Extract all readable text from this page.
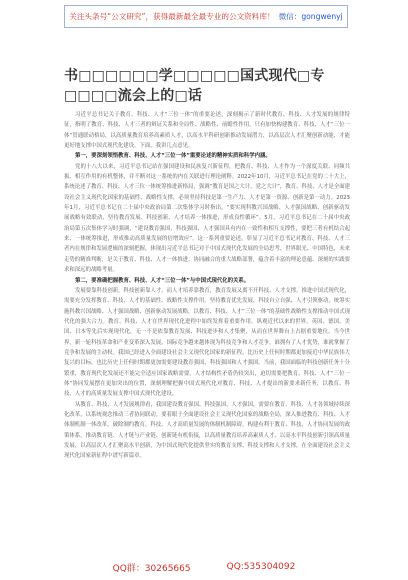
关注头条号“公文研究”，获得最新最全最专业的公文资料库！ 微信：gongwenyj
书□□□□□□学□□□□□国式现代□专□□□□流会上的□话

习近平总书记关于教育、科技、人才“三位一体”的重要论述，深刻揭示了新时代教育、科技、人才发展的规律特征，指明了教育、科技、人才三者的辩证关系和全局性、战略性、前瞻性作用，只有加快构建教育、科技、人才“三位一体”贯通联动格局，以高质量教育培养高素质人才，以高水平科研创新推动发展潜力，以高层次人才汇聚创新动能，才能更好地支撑中国式现代化建设。下面，我讲几点意见。

第一，要深刻领悟教育、科技、人才“三位一体”重要论述的精神实质和科学内涵。

党的十八大以来，习近平总书记站在强国建设和民族复兴新征程，把教育、科技、人才作为一个深度关联、同频共振、相互作用的有机整体，并不断对这一系统的内在关联进行理论阐释。2022年10月，习近平总书记在党的二十大上，系统论述了教育、科技、人才三位一体统筹推进新格局，强调“教育是国之大计、党之大计”，教育、科技、人才是全面建设社会主义现代化国家的基础性、战略性支撑，必须坚持科技是第一生产力、人才是第一资源、创新是第一动力。2023年1月，习近平总书记在二十届中央政治局第二次集体学习时指出，“要实现科教兴国战略、人才强国战略、创新驱动发展战略有效联动，坚持教育发展、科技创新、人才培养一体推进，形成良性循环”。5月，习近平总书记在二十届中央政治局第五次集体学习时强调，“建设教育强国，科技强国、人才强国具有内在一致性和相互支撑性，要把三者有机结合起来、一体统筹推进，形成推动高质量发展的倍增效应”。这一系列重要论述，彰显了习近平总书记对教育、科技、人才三者内在规律和发展逻辑的深刻把握，体现出习近平总书记对于中国式现代化发展的全局思考、世界眼光、中国特色，未来走势的精准判断，是关于教育、科技、人才一体推进、协同融合的重大战略部署，蕴含着丰富的理论意蕴、深刻的实践要求和深远的战略考量。

第二，要准确把握教育、科技、人才“三位一体”与中国式现代化的关系。

发展要靠科技创新，科技创新靠人才，而人才培养靠教育，教育发展又离不开科技、人才支撑。推进中国式现代化，需要充分发挥教育、科技、人才的基础性、战略性支撑作用，坚持教育优先发展、科技自立自强、人才引领驱动，统筹实施科教兴国战略、人才强国战略、创新驱动发展战略，以教育、科技、人才“三位一体”的基础性战略性支撑推动中国式现代化的强大合力。教育、科技、人才在世界现代化进程中始终发挥着重要作用。纵观近代以来的世界，英国、德国、美国、日本等先后实现现代化，无一不是依靠教育发展、科技进步和人才集聚，从而在世界舞台上占据重要地位。当今世界，新一轮科技革命和产业变革深入发展，国际竞争越来越体现为科技竞争和人才竞争，谁拥有了人才优势，谁就掌握了竞争和发展的主动权。我国已经进入全面建设社会主义现代化国家的新征程，比历史上任何时期都更加接近中华民族伟大复兴的目标，也比历史上任何时期都更加需要建设教育强国、科技强国和人才强国。当前，我国面临的科技创新任务十分繁重，教育现代化发展还不能完全适应国家战略需要，人才结构性矛盾仍较突出，迫切需要把教育、科技、人才“三位一体”协同发展摆在更加突出的位置，深刻理解把握中国式现代化对教育、科技、人才提出的新要求新任务，以教育、科技、人才的高质量发展支撑中国式现代化建设。

从教育、科技、人才发展规律看，我国建设教育强国、科技强国、人才强国，需要在教育、科技、人才各领域持续深化改革，以系统观念推动三者协同联动。要着眼于全面建设社会主义现代化国家的战略全局，深入推进教育、科技、人才体制机制一体改革，破除制约教育、科技、人才高质量发展的体制机制障碍，构建有利于教育、科技、人才协同发展的政策体系，推动教育链、人才链与产业链、创新链有机衔接，以高质量教育培养高素质人才、以高水平科技创新引领高质量发展、以高层次人才汇聚高水平创新，为中国式现代化提供坚实的教育支撑、科技支撑和人才支撑，在全面建设社会主义现代化国家新征程中谱写新篇章。

QQ群：30265665	QQ:535304092
